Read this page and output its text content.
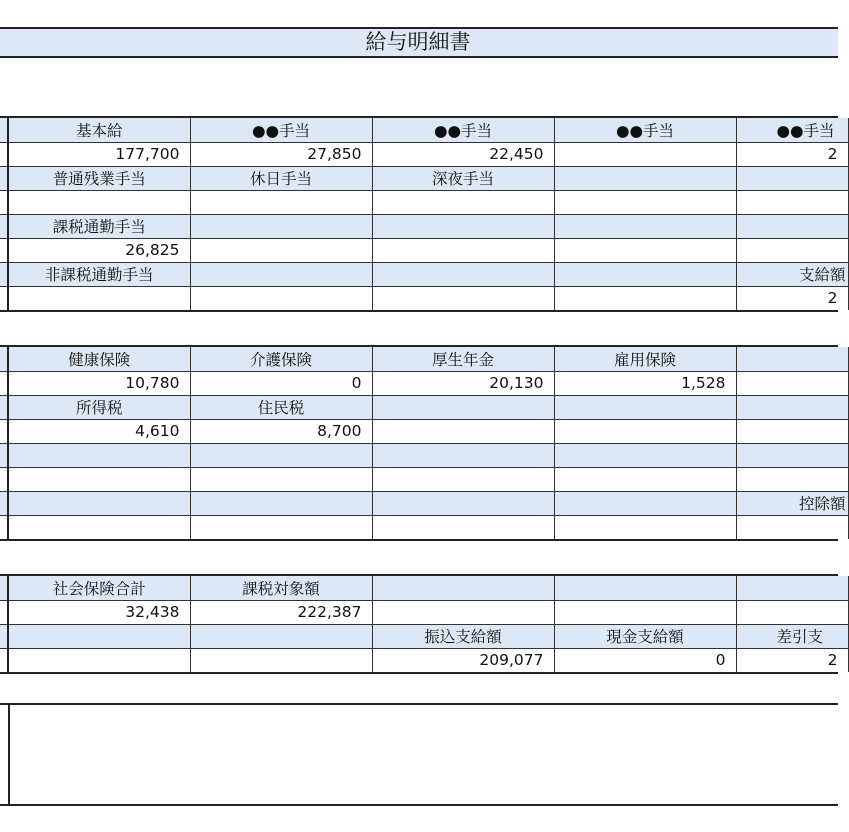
給与明細書
	基本給	●●手当	●●手当	●●手当	●●手当
	177,700	27,850	22,450		2
	普通残業手当	休日手当	深夜手当		

	課税通勤手当				
	26,825				
	非課税通勤手当				支給額
					2
	健康保険	介護保険	厚生年金	雇用保険	
	10,780	0	20,130	1,528	
	所得税	住民税			
	4,610	8,700			

					控除額

	社会保険合計	課税対象額			
	32,438	222,387			
			振込支給額	現金支給額	差引支
			209,077	0	2
